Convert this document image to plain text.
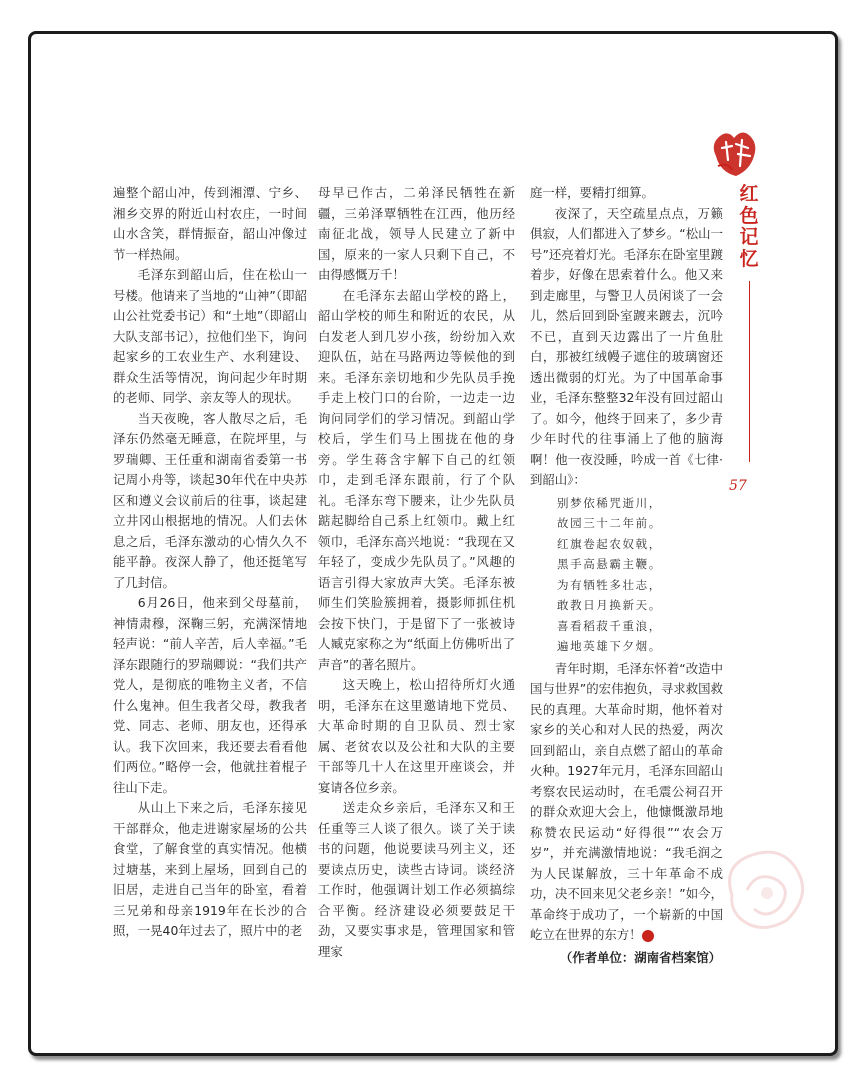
红
色
记
忆
57

遍整个韶山冲，传到湘潭、宁乡、湘乡交界的附近山村农庄，一时间山水含笑，群情振奋，韶山冲像过节一样热闹。

毛泽东到韶山后，住在松山一号楼。他请来了当地的“山神”（即韶山公社党委书记）和“土地”（即韶山大队支部书记），拉他们坐下，询问起家乡的工农业生产、水利建设、群众生活等情况，询问起少年时期的老师、同学、亲友等人的现状。

当天夜晚，客人散尽之后，毛泽东仍然毫无睡意，在院坪里，与罗瑞卿、王任重和湖南省委第一书记周小舟等，谈起30年代在中央苏区和遵义会议前后的往事，谈起建立井冈山根据地的情况。人们去休息之后，毛泽东激动的心情久久不能平静。夜深人静了，他还挺笔写了几封信。

6月26日，他来到父母墓前，神情肃穆，深鞠三躬，充满深情地轻声说：“前人辛苦，后人幸福。”毛泽东跟随行的罗瑞卿说：“我们共产党人，是彻底的唯物主义者，不信什么鬼神。但生我者父母，教我者党、同志、老师、朋友也，还得承认。我下次回来，我还要去看看他们两位。”略停一会，他就拄着棍子往山下走。

从山上下来之后，毛泽东接见干部群众，他走进谢家屋场的公共食堂，了解食堂的真实情况。他横过塘基，来到上屋场，回到自己的旧居，走进自己当年的卧室，看着三兄弟和母亲1919年在长沙的合照，一晃40年过去了，照片中的老

母早已作古，二弟泽民牺牲在新疆，三弟泽覃牺牲在江西，他历经南征北战，领导人民建立了新中国，原来的一家人只剩下自己，不由得感慨万千！

在毛泽东去韶山学校的路上，韶山学校的师生和附近的农民，从白发老人到几岁小孩，纷纷加入欢迎队伍，站在马路两边等候他的到来。毛泽东亲切地和少先队员手挽手走上校门口的台阶，一边走一边询问同学们的学习情况。到韶山学校后，学生们马上围拢在他的身旁。学生蒋含宇解下自己的红领巾，走到毛泽东跟前，行了个队礼。毛泽东弯下腰来，让少先队员踮起脚给自己系上红领巾。戴上红领巾，毛泽东高兴地说：“我现在又年轻了，变成少先队员了。”风趣的语言引得大家放声大笑。毛泽东被师生们笑脸簇拥着，摄影师抓住机会按下快门，于是留下了一张被诗人臧克家称之为“纸面上仿佛听出了声音”的著名照片。

这天晚上，松山招待所灯火通明，毛泽东在这里邀请地下党员、大革命时期的自卫队员、烈士家属、老贫农以及公社和大队的主要干部等几十人在这里开座谈会，并宴请各位乡亲。

送走众乡亲后，毛泽东又和王任重等三人谈了很久。谈了关于读书的问题，他说要读马列主义，还要读点历史，读些古诗词。谈经济工作时，他强调计划工作必须搞综合平衡。经济建设必须要鼓足干劲，又要实事求是，管理国家和管理家

庭一样，要精打细算。

夜深了，天空疏星点点，万籁俱寂，人们都进入了梦乡。“松山一号”还亮着灯光。毛泽东在卧室里踱着步，好像在思索着什么。他又来到走廊里，与警卫人员闲谈了一会儿，然后回到卧室踱来踱去，沉吟不已，直到天边露出了一片鱼肚白，那被红绒幔子遮住的玻璃窗还透出微弱的灯光。为了中国革命事业，毛泽东整整32年没有回过韶山了。如今，他终于回来了，多少青少年时代的往事涌上了他的脑海啊！他一夜没睡，吟成一首《七律·到韶山》：

别梦依稀咒逝川，
故园三十二年前。
红旗卷起农奴戟，
黑手高悬霸主鞭。
为有牺牲多壮志，
敢教日月换新天。
喜看稻菽千重浪，
遍地英雄下夕烟。

青年时期，毛泽东怀着“改造中国与世界”的宏伟抱负，寻求救国救民的真理。大革命时期，他怀着对家乡的关心和对人民的热爱，两次回到韶山，亲自点燃了韶山的革命火种。1927年元月，毛泽东回韶山考察农民运动时，在毛震公祠召开的群众欢迎大会上，他慷慨激昂地称赞农民运动“好得很”“农会万岁”，并充满激情地说：“我毛润之为人民谋解放，三十年革命不成功，决不回来见父老乡亲！”如今，革命终于成功了，一个崭新的中国屹立在世界的东方！	心

（作者单位：湖南省档案馆）
